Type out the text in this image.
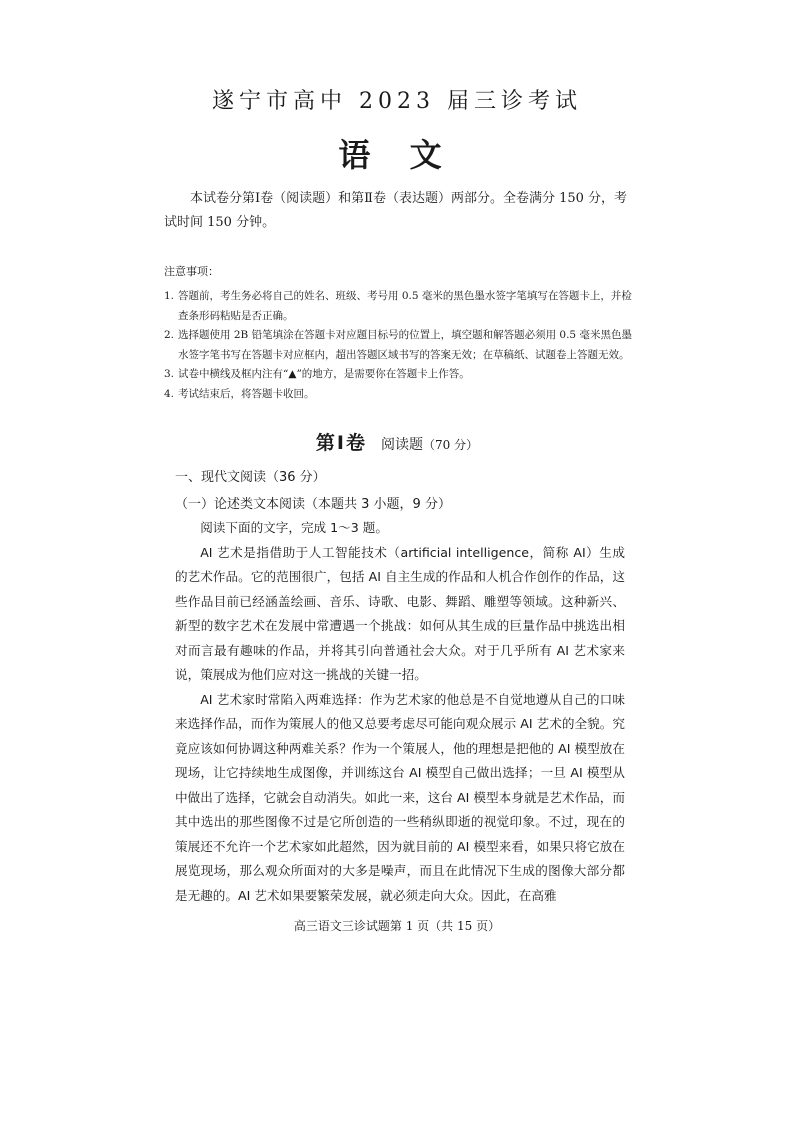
遂宁市高中 2023 届三诊考试
语 文
本试卷分第Ⅰ卷（阅读题）和第Ⅱ卷（表达题）两部分。全卷满分 150 分，考试时间 150 分钟。
注意事项：
1. 答题前，考生务必将自己的姓名、班级、考号用 0.5 毫米的黑色墨水签字笔填写在答题卡上，并检查条形码粘贴是否正确。
2. 选择题使用 2B 铅笔填涂在答题卡对应题目标号的位置上，填空题和解答题必须用 0.5 毫米黑色墨水签字笔书写在答题卡对应框内，超出答题区域书写的答案无效；在草稿纸、试题卷上答题无效。
3. 试卷中横线及框内注有“▲”的地方，是需要你在答题卡上作答。
4. 考试结束后，将答题卡收回。
第Ⅰ卷 阅读题（70 分）
一、现代文阅读（36 分）
（一）论述类文本阅读（本题共 3 小题，9 分）

阅读下面的文字，完成 1～3 题。

AI 艺术是指借助于人工智能技术（artificial intelligence，简称 AI）生成的艺术作品。它的范围很广，包括 AI 自主生成的作品和人机合作创作的作品，这些作品目前已经涵盖绘画、音乐、诗歌、电影、舞蹈、雕塑等领域。这种新兴、新型的数字艺术在发展中常遭遇一个挑战：如何从其生成的巨量作品中挑选出相对而言最有趣味的作品，并将其引向普通社会大众。对于几乎所有 AI 艺术家来说，策展成为他们应对这一挑战的关键一招。

AI 艺术家时常陷入两难选择：作为艺术家的他总是不自觉地遵从自己的口味来选择作品，而作为策展人的他又总要考虑尽可能向观众展示 AI 艺术的全貌。究竟应该如何协调这种两难关系？作为一个策展人，他的理想是把他的 AI 模型放在现场，让它持续地生成图像，并训练这台 AI 模型自己做出选择；一旦 AI 模型从中做出了选择，它就会自动消失。如此一来，这台 AI 模型本身就是艺术作品，而其中选出的那些图像不过是它所创造的一些稍纵即逝的视觉印象。不过，现在的策展还不允许一个艺术家如此超然，因为就目前的 AI 模型来看，如果只将它放在展览现场，那么观众所面对的大多是噪声，而且在此情况下生成的图像大部分都是无趣的。AI 艺术如果要繁荣发展，就必须走向大众。因此，在高雅

高三语文三诊试题第 1 页（共 15 页）
